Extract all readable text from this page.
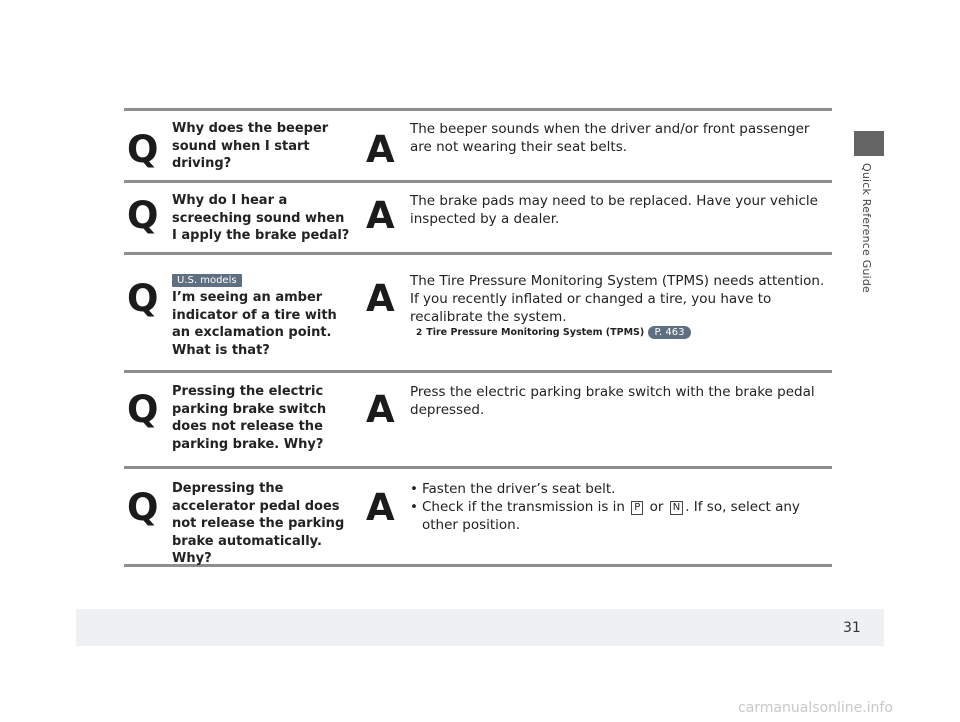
Quick Reference Guide
Q Why does the beeper sound when I start driving?	A The beeper sounds when the driver and/or front passenger are not wearing their seat belts.
Q Why do I hear a screeching sound when I apply the brake pedal? A The brake pads may need to be replaced. Have your vehicle inspected by a dealer.
Q	U.S. models
I’m seeing an amber indicator of a tire with an exclamation point. What is that?
A The Tire Pressure Monitoring System (TPMS) needs attention. If you recently inflated or changed a tire, you have to recalibrate the system.
2 Tire Pressure Monitoring System (TPMS) P. 463
Q Pressing the electric parking brake switch does not release the parking brake. Why?
A Press the electric parking brake switch with the brake pedal depressed.
Q Depressing the accelerator pedal does not release the parking brake automatically. Why?
A • Fasten the driver’s seat belt.
• Check if the transmission is in P or N . If so, select any other position.
31
carmanualsonline.info
